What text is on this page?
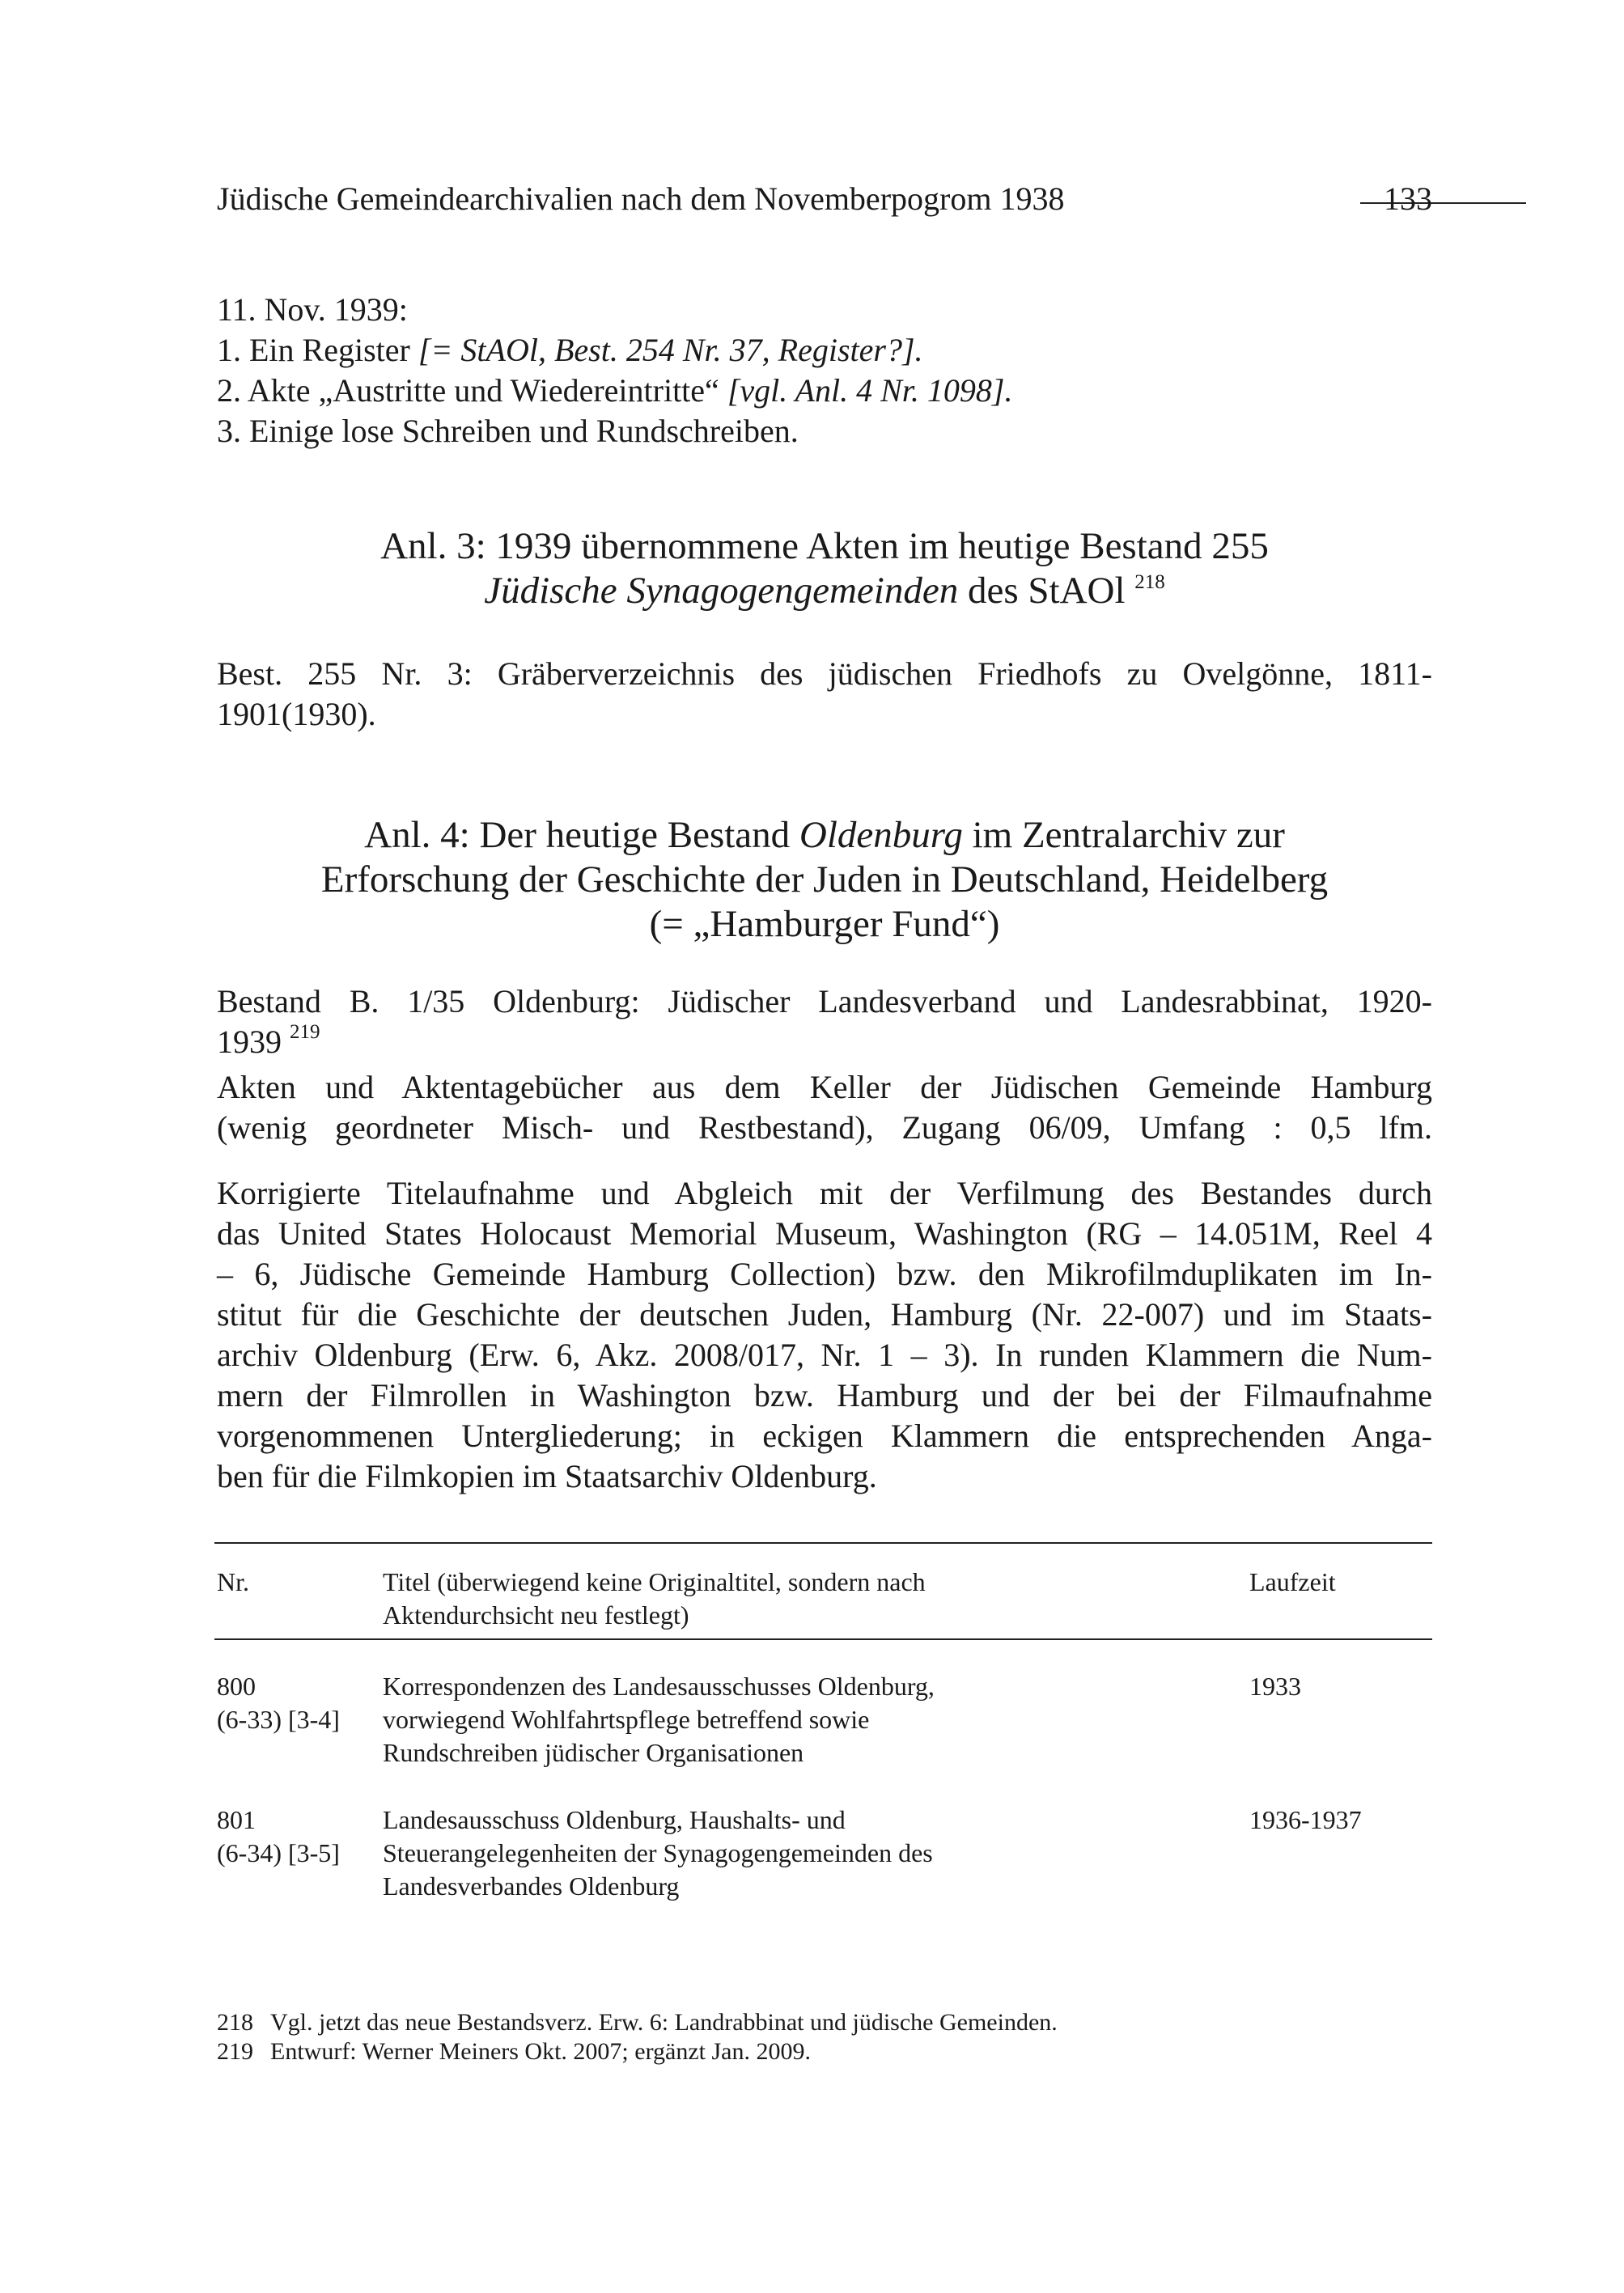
Jüdische Gemeindearchivalien nach dem Novemberpogrom 1938	133
11. Nov. 1939:
1. Ein Register [= StAOl, Best. 254 Nr. 37, Register?].
2. Akte „Austritte und Wiedereintritte“ [vgl. Anl. 4 Nr. 1098].
3. Einige lose Schreiben und Rundschreiben.
Anl. 3: 1939 übernommene Akten im heutige Bestand 255
Jüdische Synagogengemeinden des StAOl $^{218}$
Best. 255 Nr. 3: Gräberverzeichnis des jüdischen Friedhofs zu Ovelgönne, 1811-
1901(1930).
Anl. 4: Der heutige Bestand Oldenburg im Zentralarchiv zur
Erforschung der Geschichte der Juden in Deutschland, Heidelberg
(= „Hamburger Fund“)
Bestand B. 1/35 Oldenburg: Jüdischer Landesverband und Landesrabbinat, 1920-
1939 $^{219}$
Akten und Aktentagebücher aus dem Keller der Jüdischen Gemeinde Hamburg
(wenig geordneter Misch- und Restbestand), Zugang 06/09, Umfang : 0,5 lfm.
Korrigierte Titelaufnahme und Abgleich mit der Verfilmung des Bestandes durch
das United States Holocaust Memorial Museum, Washington (RG – 14.051M, Reel 4
– 6, Jüdische Gemeinde Hamburg Collection) bzw. den Mikrofilmduplikaten im In-
stitut für die Geschichte der deutschen Juden, Hamburg (Nr. 22-007) und im Staats-
archiv Oldenburg (Erw. 6, Akz. 2008/017, Nr. 1 – 3). In runden Klammern die Num-
mern der Filmrollen in Washington bzw. Hamburg und der bei der Filmaufnahme
vorgenommenen Untergliederung; in eckigen Klammern die entsprechenden Anga-
ben für die Filmkopien im Staatsarchiv Oldenburg.
Nr.	Titel (überwiegend keine Originaltitel, sondern nach
Aktendurchsicht neu festlegt)
Laufzeit
800
(6-33) [3-4]
Korrespondenzen des Landesausschusses Oldenburg,
vorwiegend Wohlfahrtspflege betreffend sowie
Rundschreiben jüdischer Organisationen
1933
801
(6-34) [3-5]
Landesausschuss Oldenburg, Haushalts- und
Steuerangelegenheiten der Synagogengemeinden des
Landesverbandes Oldenburg
1936-1937
218 Vgl. jetzt das neue Bestandsverz. Erw. 6: Landrabbinat und jüdische Gemeinden.
219 Entwurf: Werner Meiners Okt. 2007; ergänzt Jan. 2009.
